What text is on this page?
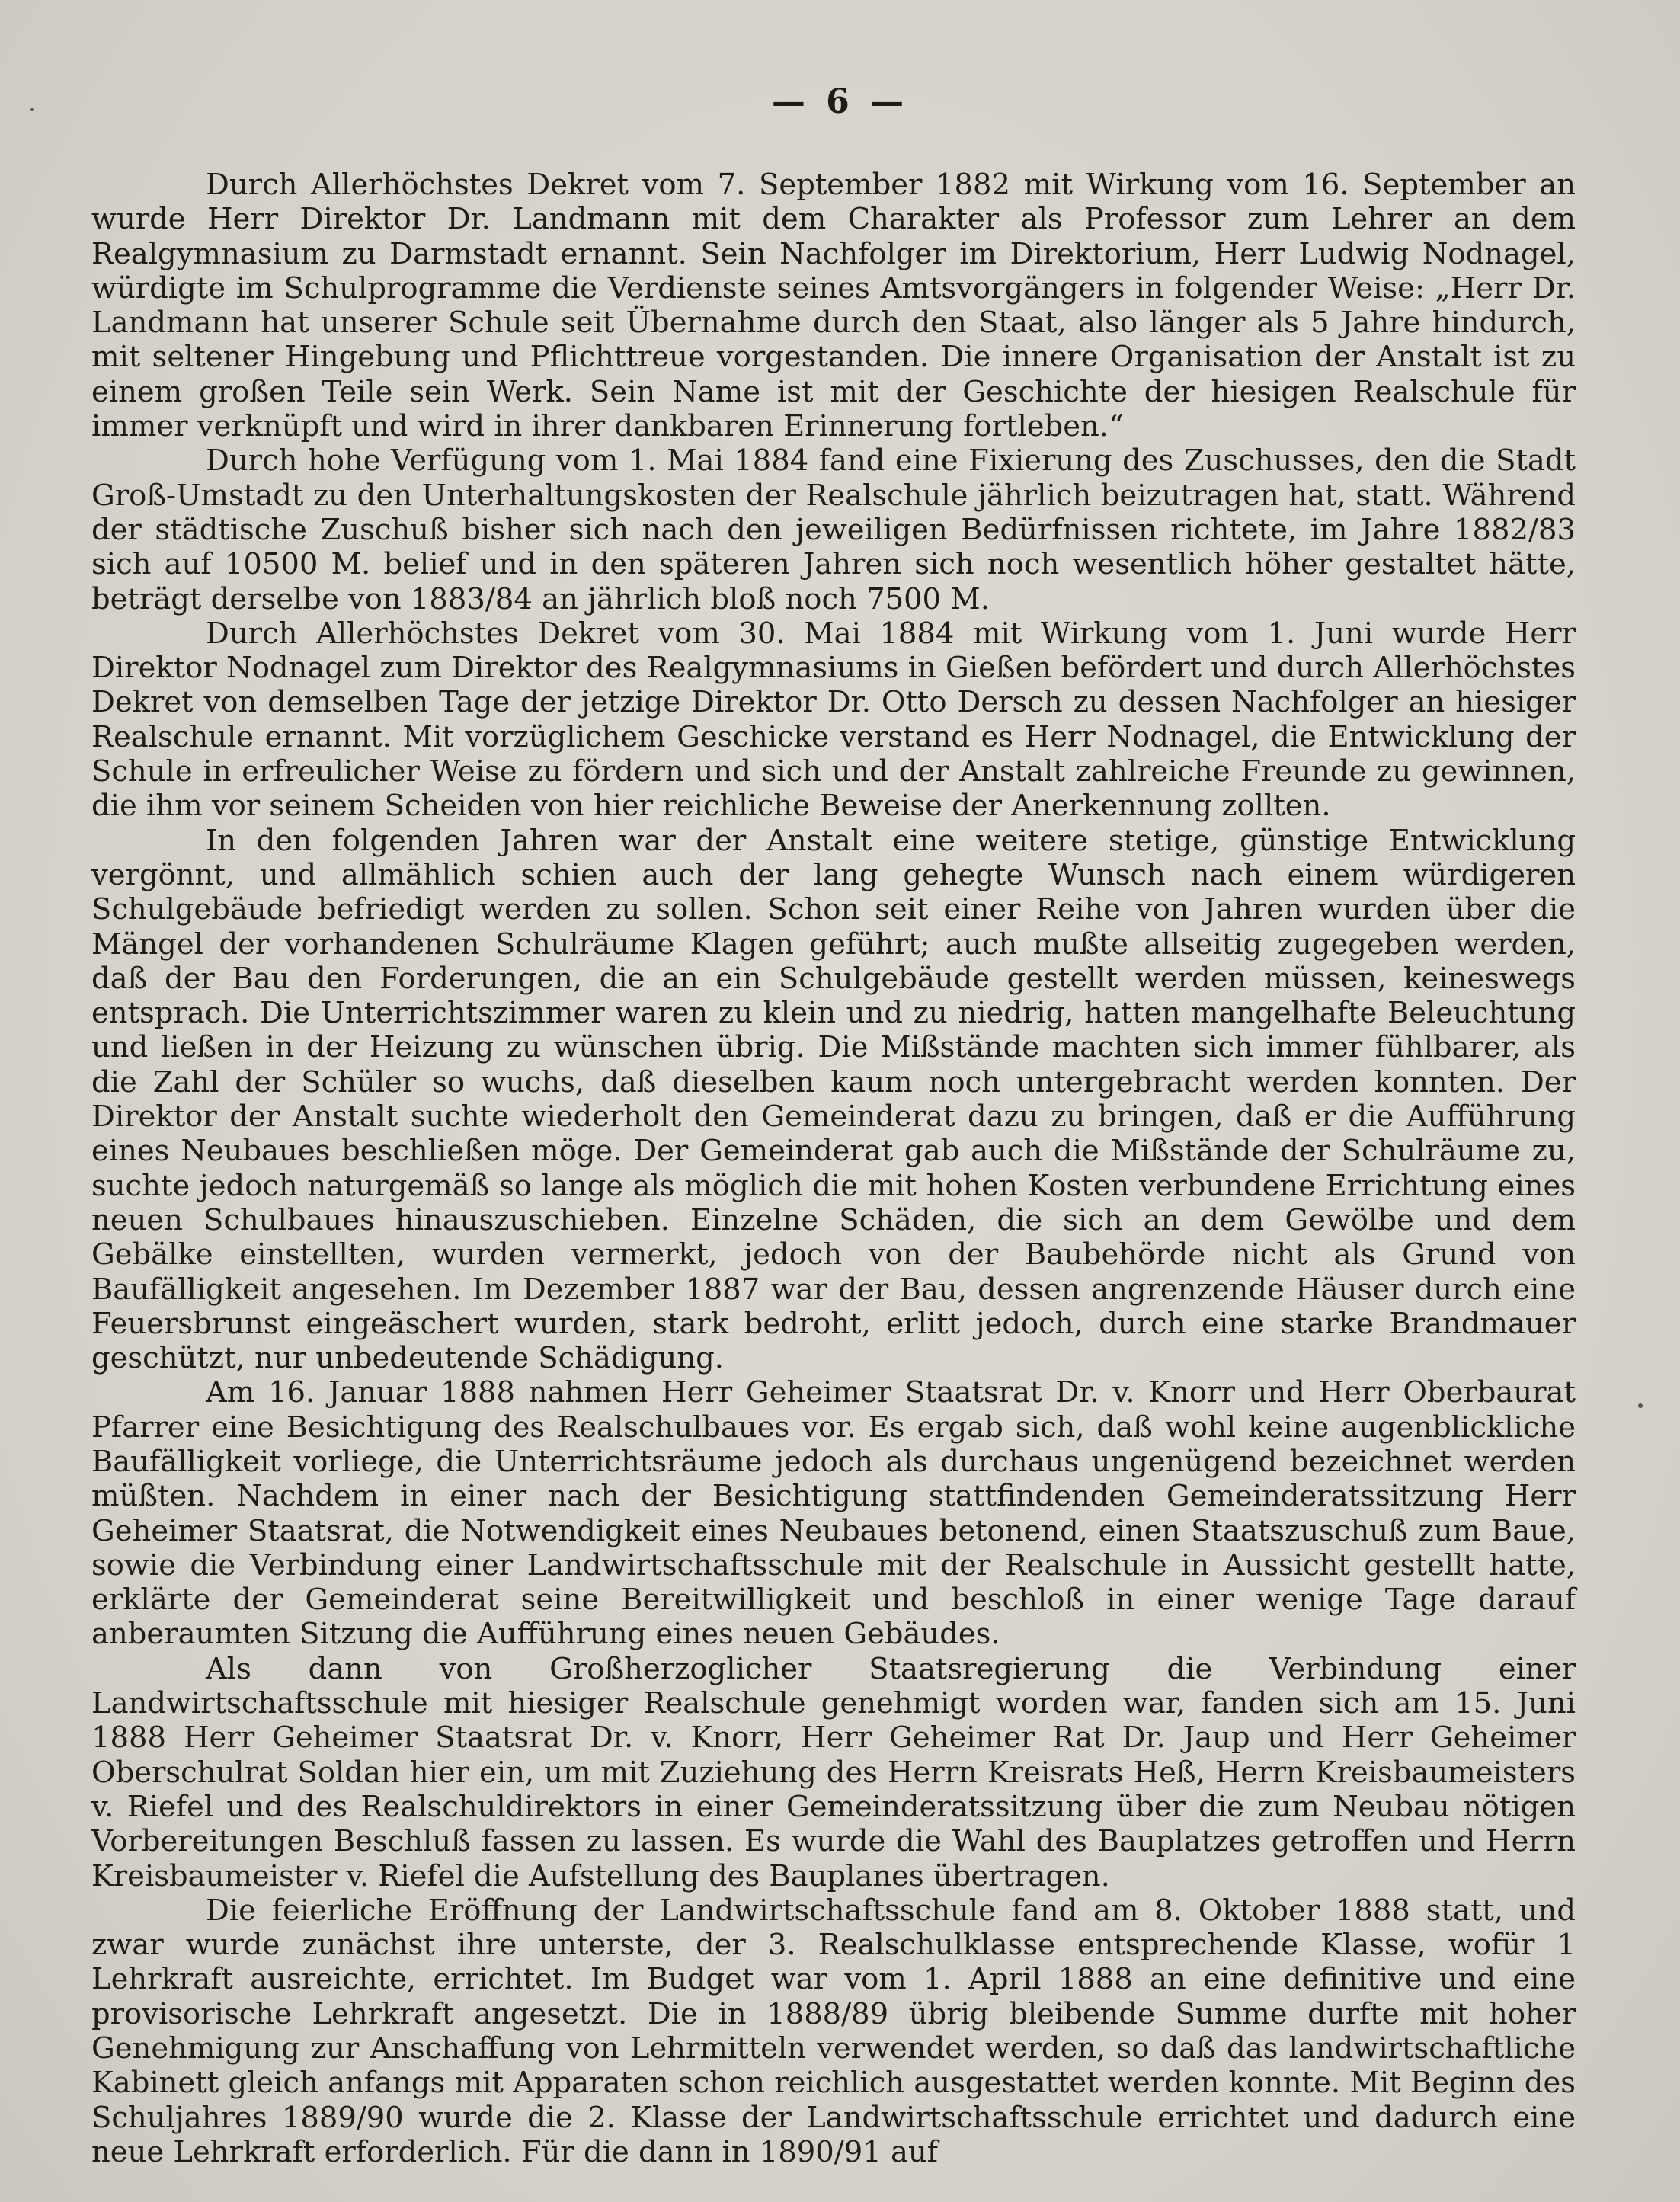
— 6 —

Durch Allerhöchstes Dekret vom 7. September 1882 mit Wirkung vom 16. September an wurde Herr Direktor Dr. Landmann mit dem Charakter als Professor zum Lehrer an dem Realgymnasium zu Darmstadt ernannt. Sein Nachfolger im Direktorium, Herr Ludwig Nodnagel, würdigte im Schulprogramme die Verdienste seines Amtsvorgängers in folgender Weise: „Herr Dr. Landmann hat unserer Schule seit Übernahme durch den Staat, also länger als 5 Jahre hindurch, mit seltener Hingebung und Pflichttreue vorgestanden. Die innere Organisation der Anstalt ist zu einem großen Teile sein Werk. Sein Name ist mit der Geschichte der hiesigen Realschule für immer verknüpft und wird in ihrer dankbaren Erinnerung fortleben.“

Durch hohe Verfügung vom 1. Mai 1884 fand eine Fixierung des Zuschusses, den die Stadt Groß-Umstadt zu den Unterhaltungskosten der Realschule jährlich beizutragen hat, statt. Während der städtische Zuschuß bisher sich nach den jeweiligen Bedürfnissen richtete, im Jahre 1882/83 sich auf 10500 M. belief und in den späteren Jahren sich noch wesentlich höher gestaltet hätte, beträgt derselbe von 1883/84 an jährlich bloß noch 7500 M.

Durch Allerhöchstes Dekret vom 30. Mai 1884 mit Wirkung vom 1. Juni wurde Herr Direktor Nodnagel zum Direktor des Realgymnasiums in Gießen befördert und durch Allerhöchstes Dekret von demselben Tage der jetzige Direktor Dr. Otto Dersch zu dessen Nachfolger an hiesiger Realschule ernannt. Mit vorzüglichem Geschicke verstand es Herr Nodnagel, die Entwicklung der Schule in erfreulicher Weise zu fördern und sich und der Anstalt zahlreiche Freunde zu gewinnen, die ihm vor seinem Scheiden von hier reichliche Beweise der Anerkennung zollten.

In den folgenden Jahren war der Anstalt eine weitere stetige, günstige Entwicklung vergönnt, und allmählich schien auch der lang gehegte Wunsch nach einem würdigeren Schulgebäude befriedigt werden zu sollen. Schon seit einer Reihe von Jahren wurden über die Mängel der vorhandenen Schulräume Klagen geführt; auch mußte allseitig zugegeben werden, daß der Bau den Forderungen, die an ein Schulgebäude gestellt werden müssen, keineswegs entsprach. Die Unterrichtszimmer waren zu klein und zu niedrig, hatten mangelhafte Beleuchtung und ließen in der Heizung zu wünschen übrig. Die Mißstände machten sich immer fühlbarer, als die Zahl der Schüler so wuchs, daß dieselben kaum noch untergebracht werden konnten. Der Direktor der Anstalt suchte wiederholt den Gemeinderat dazu zu bringen, daß er die Aufführung eines Neubaues beschließen möge. Der Gemeinderat gab auch die Mißstände der Schulräume zu, suchte jedoch naturgemäß so lange als möglich die mit hohen Kosten verbundene Errichtung eines neuen Schulbaues hinauszuschieben. Einzelne Schäden, die sich an dem Gewölbe und dem Gebälke einstellten, wurden vermerkt, jedoch von der Baubehörde nicht als Grund von Baufälligkeit angesehen. Im Dezember 1887 war der Bau, dessen angrenzende Häuser durch eine Feuersbrunst eingeäschert wurden, stark bedroht, erlitt jedoch, durch eine starke Brandmauer geschützt, nur unbedeutende Schädigung.

Am 16. Januar 1888 nahmen Herr Geheimer Staatsrat Dr. v. Knorr und Herr Oberbaurat Pfarrer eine Besichtigung des Realschulbaues vor. Es ergab sich, daß wohl keine augenblickliche Baufälligkeit vorliege, die Unterrichtsräume jedoch als durchaus ungenügend bezeichnet werden müßten. Nachdem in einer nach der Besichtigung stattfindenden Gemeinderatssitzung Herr Geheimer Staatsrat, die Notwendigkeit eines Neubaues betonend, einen Staatszuschuß zum Baue, sowie die Verbindung einer Landwirtschaftsschule mit der Realschule in Aussicht gestellt hatte, erklärte der Gemeinderat seine Bereitwilligkeit und beschloß in einer wenige Tage darauf anberaumten Sitzung die Aufführung eines neuen Gebäudes.

Als dann von Großherzoglicher Staatsregierung die Verbindung einer Landwirtschaftsschule mit hiesiger Realschule genehmigt worden war, fanden sich am 15. Juni 1888 Herr Geheimer Staatsrat Dr. v. Knorr, Herr Geheimer Rat Dr. Jaup und Herr Geheimer Oberschulrat Soldan hier ein, um mit Zuziehung des Herrn Kreisrats Heß, Herrn Kreisbaumeisters v. Riefel und des Realschuldirektors in einer Gemeinderatssitzung über die zum Neubau nötigen Vorbereitungen Beschluß fassen zu lassen. Es wurde die Wahl des Bauplatzes getroffen und Herrn Kreisbaumeister v. Riefel die Aufstellung des Bauplanes übertragen.

Die feierliche Eröffnung der Landwirtschaftsschule fand am 8. Oktober 1888 statt, und zwar wurde zunächst ihre unterste, der 3. Realschulklasse entsprechende Klasse, wofür 1 Lehrkraft ausreichte, errichtet. Im Budget war vom 1. April 1888 an eine definitive und eine provisorische Lehrkraft angesetzt. Die in 1888/89 übrig bleibende Summe durfte mit hoher Genehmigung zur Anschaffung von Lehrmitteln verwendet werden, so daß das landwirtschaftliche Kabinett gleich anfangs mit Apparaten schon reichlich ausgestattet werden konnte. Mit Beginn des Schuljahres 1889/90 wurde die 2. Klasse der Landwirtschaftsschule errichtet und dadurch eine neue Lehrkraft erforderlich. Für die dann in 1890/91 auf
